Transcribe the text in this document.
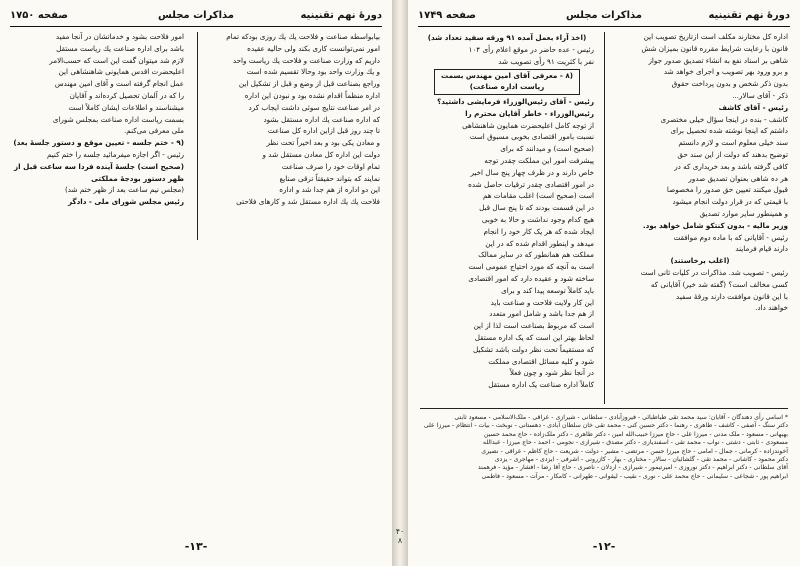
دورهٔ نهم تقنینیه
مذاکرات مجلس
صفحه ۱۷۵۰

بیابواسطه صناعت و فلاحت یك یك روزی بودکه تمام

امور نمی‌توانست کاری بکند ولی حالیه عقیده

داریم که وزارت صناعت و فلاحت یك ریاست واحد

و یك وزارت واحد بود وحالا تقسیم شده است

وراجع بصناعت قبل از وضع و قبل از تشکیل این

اداره منظماً اقدام نشده بود و نبودن این اداره

در امر صناعت نتایج سوئی داشت ایجاب کرد

که اداره صناعت یك اداره مستقل بشود

تا چند روز قبل ازاین اداره کل صناعت

و معادن یکی بود و بعد اخیراً تحت نظر

دولت این اداره کل معادن مستقل شد و

تمام اوقات خود را صرف صناعت

نمایند که بتواند حقیقتاً ترقی صنایع

این دو اداره از هم جدا شد و اداره

فلاحت یك یك اداره مستقل شد و کارهای فلاحتی

امور فلاحت بشود و خدماتشان در آنجا مفید

باشد برای اداره صناعت یك ریاست مستقل

لازم شد میتوان گفت این است که حسب‌الامر

اعلیحضرت اقدس همایونی شاهنشاهی این

عمل انجام گرفته است و آقای امین مهندس

را که در آلمان تحصیل کرده‌اند و آقایان

میشناسند و اطلاعات ایشان کاملاً است

بسمت ریاست اداره صناعت بمجلس شورای

ملی معرفی می‌کنم.

(۹ - ختم جلسه - تعیین موقع و دستور جلسهٔ بعد)

رئیس - اگر اجازه میفرمائید جلسه را ختم کنیم

(صحیح است) جلسهٔ آینده فردا سه ساعت قبل از

ظهر دستور بودجهٔ مملکتی

(مجلس نیم ساعت بعد از ظهر ختم شد)

رئیس مجلس شورای ملی - دادگر

-۱۳-
۴۰ ۸
دورهٔ نهم تقنینیه
مذاکرات مجلس
صفحه ۱۷۴۹

اداره کل مختارند مکلف است ازتاریخ تصویب این

قانون با رعایت شرایط مقرره قانون بمیزان شش

شاهی بر اسناد نفع به انشاء تصدیق صدور جواز

و برو ورود بهر تصویب و اجرای خواهد شد

بدون ذکر شخص و بدون پرداخت حقوق

ذکر - آقای سالار...

رئیس - آقای کاشف

کاشف - بنده در اینجا سؤال خیلی مختصری

داشتم که اینجا نوشته شده تحصیل برای

سند خیلی معلوم است و لازم دانستم

توضیح بدهند که دولت از این سند حق

کافی گرفته باشد و بعد خریداری که در

هر ده شاهی بعنوان تصدیق صدور

قبول میکنند تعیین حق صدور را مخصوصا

با قیمتی که در قرار دولت انجام میشود

و همینطور سایر موارد تصدیق

وزیر مالیه - بدون کنتکو شامل خواهد بود.

رئیس - آقایانی که با ماده دوم موافقت

دارند قیام فرمایند

(اغلب برخاستند)

رئیس - تصویب شد. مذاکرات در کلیات ثانی است

کسی مخالف است؟ (گفته شد خیر) آقایانی که

با این قانون موافقت دارند ورقهٔ سفید

خواهند داد.

(اخذ آراء بعمل آمده ۹۱ ورقه سفید تعداد شد)

رئیس - عده حاضر در موقع اعلام رأی ۱۰۴

نفر با کثریت ۹۱ رأی تصویب شد

(۸ - معرفی آقای امین مهندس بسمت ریاست اداره صناعت)

رئیس - آقای رئیس‌الوزراء فرمایشی داشتید؟

رئیس‌الوزراء - خاطر آقایان محترم را

از توجه کامل اعلیحضرت همایون شاهنشاهی

نسبت بامور اقتصادی بخوبی مسبوق است

(صحیح است) و میدانند که برای

پیشرفت امور این مملکت چقدر توجه

خاص دارند و در ظرف چهار پنج سال اخیر

در امور اقتصادی چقدر ترقیات حاصل شده

است (صحیح است) اغلب مقامات هم

در این قسمت بودند که تا پنج سال قبل

هیچ کدام وجود نداشت و حالا به خوبی

ایجاد شده که هر یک کار خود را انجام

میدهد و اینطور اقدام شده که در این

مملکت هم همانطور که در سایر ممالک

است به آنچه که مورد احتیاج عمومی است

ساخته شود و عقیده دارد که امور اقتصادی

باید کاملاً توسعه پیدا کند و برای

این کار ولایت فلاحت و صناعت باید

از هم جدا باشد و شامل امور متعدد

است که مربوط بصناعت است لذا از این

لحاظ بهتر این است که یک اداره مستقل

که مستقیماً تحت نظر دولت باشد تشکیل

شود و کلیه مسائل اقتصادی مملکت

در آنجا نظر شود و چون فعلاً

کاملاً اداره صناعت یک اداره مستقل

* اسامی رأی دهندگان - آقایان: سید محمد تقی طباطبائی - فیروزآبادی - سلطانی - شیرازی - عراقی - ملک‌الاسلامی - مسعود ثابتی

دکتر سنگ - آصفی - کاشف - طاهری - رهنما - دکتر حسین کنی - محمد تقی خان سلطان آبادی - دهستانی - نوبخت - بیات - انتظام - میرزا علی

بهبهانی - مسعود - ملک مدنی - میرزا علی - حاج میرزا حبیب‌الله امین - دکتر طاهری - دکتر ملک‌زاده - حاج محمد حسین

مسعودی - ثابتی - دشتی - نواب - محمد تقی - اسفندیاری - دکتر مصدق - شیرازی - نجومی - احمد - حاج میرزا - عبدالله

آخوندزاده - کرمانی - جمال - امامی - حاج میرزا حسن - مرتضی - مشیر - دولت - شریعت - حاج کاظم - عراقی - نصیری

دکتر محمود - کاشانی - محمد تقی - گلشائیان - سالار - مختاری - بهار - کازرونی - اشرفی - ایزدی - مهاجری - یزدی

آقای سلطانی - دکتر ابراهیم - دکتر نوروزی - امیرتیمور - شیرازی - اردلان - ناصری - حاج آقا رضا - افشار - مؤید - فرهمند

ابراهیم پور - شجاعی - سلیمانی - حاج محمد علی - نوری - نقیب - لیقوانی - طهرانی - کامکار - مرآت - مسعود - فاطمی

-۱۲-
